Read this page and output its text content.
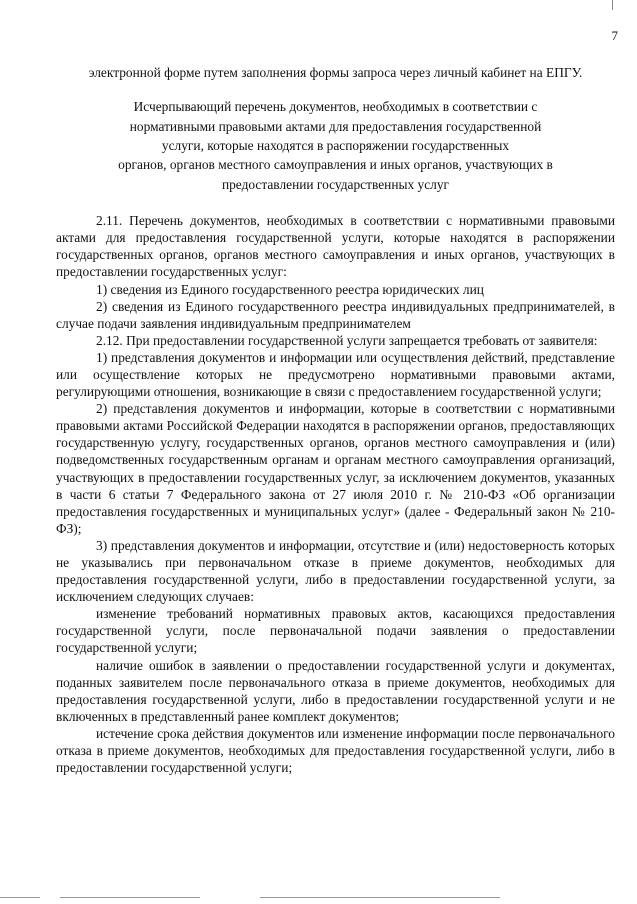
7

электронной форме путем заполнения формы запроса через личный кабинет на ЕПГУ.

Исчерпывающий перечень документов, необходимых в соответствии с
нормативными правовыми актами для предоставления государственной
услуги, которые находятся в распоряжении государственных
органов, органов местного самоуправления и иных органов, участвующих в
предоставлении государственных услуг

2.11. Перечень документов, необходимых в соответствии с нормативными правовыми актами для предоставления государственной услуги, которые находятся в распоряжении государственных органов, органов местного самоуправления и иных органов, участвующих в предоставлении государственных услуг:

1) сведения из Единого государственного реестра юридических лиц

2) сведения из Единого государственного реестра индивидуальных предпринимателей, в случае подачи заявления индивидуальным предпринимателем

2.12. При предоставлении государственной услуги запрещается требовать от заявителя:

1) представления документов и информации или осуществления действий, представление или осуществление которых не предусмотрено нормативными правовыми актами, регулирующими отношения, возникающие в связи с предоставлением государственной услуги;

2) представления документов и информации, которые в соответствии с нормативными правовыми актами Российской Федерации находятся в распоряжении органов, предоставляющих государственную услугу, государственных органов, органов местного самоуправления и (или) подведомственных государственным органам и органам местного самоуправления организаций, участвующих в предоставлении государственных услуг, за исключением документов, указанных в части 6 статьи 7 Федерального закона от 27 июля 2010 г. № 210-ФЗ «Об организации предоставления государственных и муниципальных услуг» (далее - Федеральный закон № 210-ФЗ);

3) представления документов и информации, отсутствие и (или) недостоверность которых не указывались при первоначальном отказе в приеме документов, необходимых для предоставления государственной услуги, либо в предоставлении государственной услуги, за исключением следующих случаев:

изменение требований нормативных правовых актов, касающихся предоставления государственной услуги, после первоначальной подачи заявления о предоставлении государственной услуги;

наличие ошибок в заявлении о предоставлении государственной услуги и документах, поданных заявителем после первоначального отказа в приеме документов, необходимых для предоставления государственной услуги, либо в предоставлении государственной услуги и не включенных в представленный ранее комплект документов;

истечение срока действия документов или изменение информации после первоначального отказа в приеме документов, необходимых для предоставления государственной услуги, либо в предоставлении государственной услуги;
